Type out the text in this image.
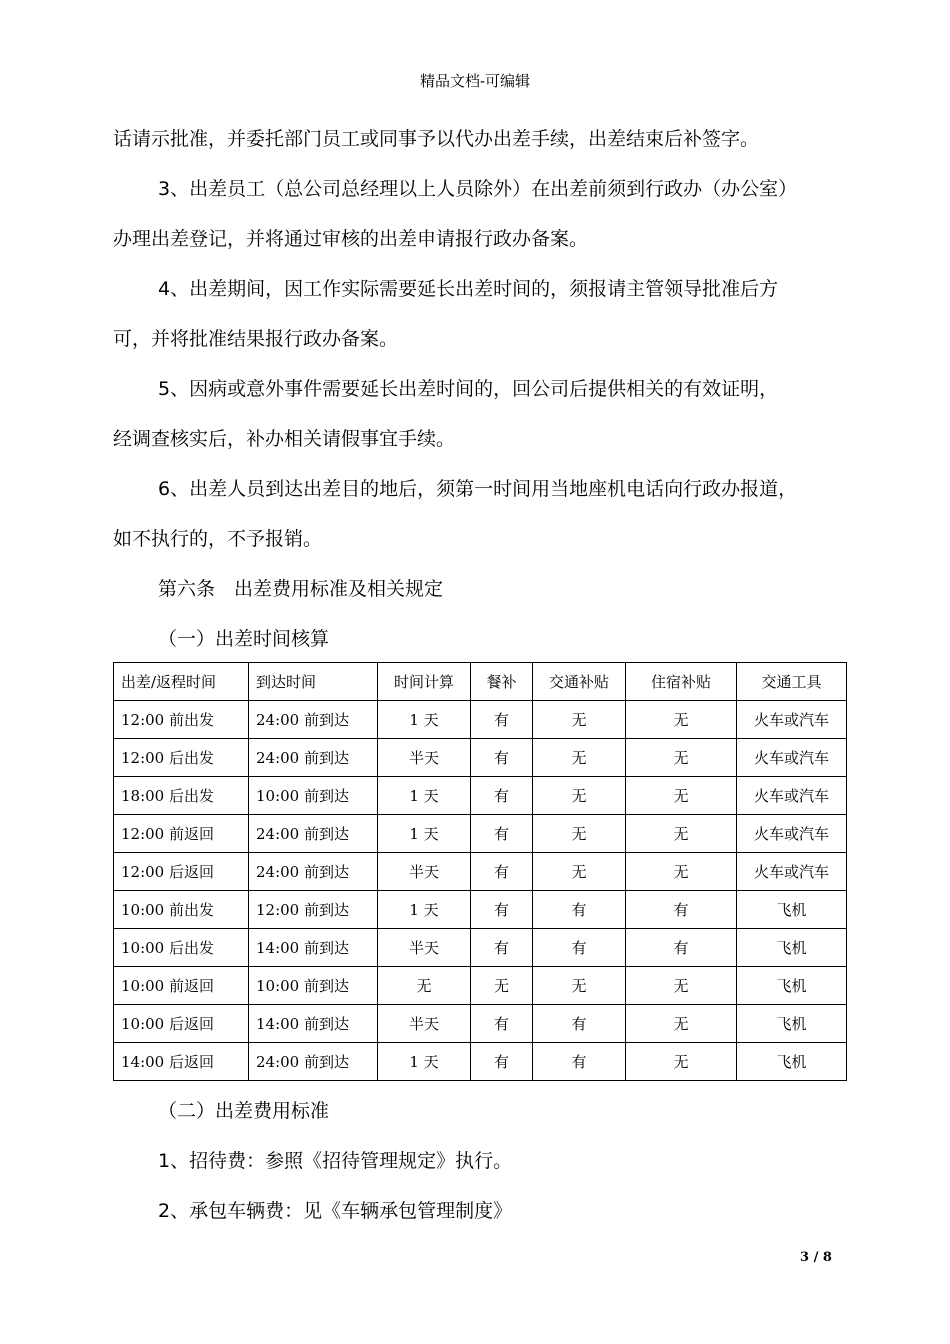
精品文档-可编辑
话请示批准，并委托部门员工或同事予以代办出差手续，出差结束后补签字。
3、出差员工（总公司总经理以上人员除外）在出差前须到行政办（办公室）
办理出差登记，并将通过审核的出差申请报行政办备案。
4、出差期间，因工作实际需要延长出差时间的，须报请主管领导批准后方
可，并将批准结果报行政办备案。
5、因病或意外事件需要延长出差时间的，回公司后提供相关的有效证明，
经调查核实后，补办相关请假事宜手续。
6、出差人员到达出差目的地后，须第一时间用当地座机电话向行政办报道，
如不执行的，不予报销。
第六条　出差费用标准及相关规定
（一）出差时间核算
出差/返程时间	到达时间	时间计算	餐补	交通补贴	住宿补贴	交通工具
12:00 前出发	24:00 前到达	1 天	有	无	无	火车或汽车
12:00 后出发	24:00 前到达	半天	有	无	无	火车或汽车
18:00 后出发	10:00 前到达	1 天	有	无	无	火车或汽车
12:00 前返回	24:00 前到达	1 天	有	无	无	火车或汽车
12:00 后返回	24:00 前到达	半天	有	无	无	火车或汽车
10:00 前出发	12:00 前到达	1 天	有	有	有	飞机
10:00 后出发	14:00 前到达	半天	有	有	有	飞机
10:00 前返回	10:00 前到达	无	无	无	无	飞机
10:00 后返回	14:00 前到达	半天	有	有	无	飞机
14:00 后返回	24:00 前到达	1 天	有	有	无	飞机
（二）出差费用标准
1、招待费：参照《招待管理规定》执行。
2、承包车辆费：见《车辆承包管理制度》
3 / 8
